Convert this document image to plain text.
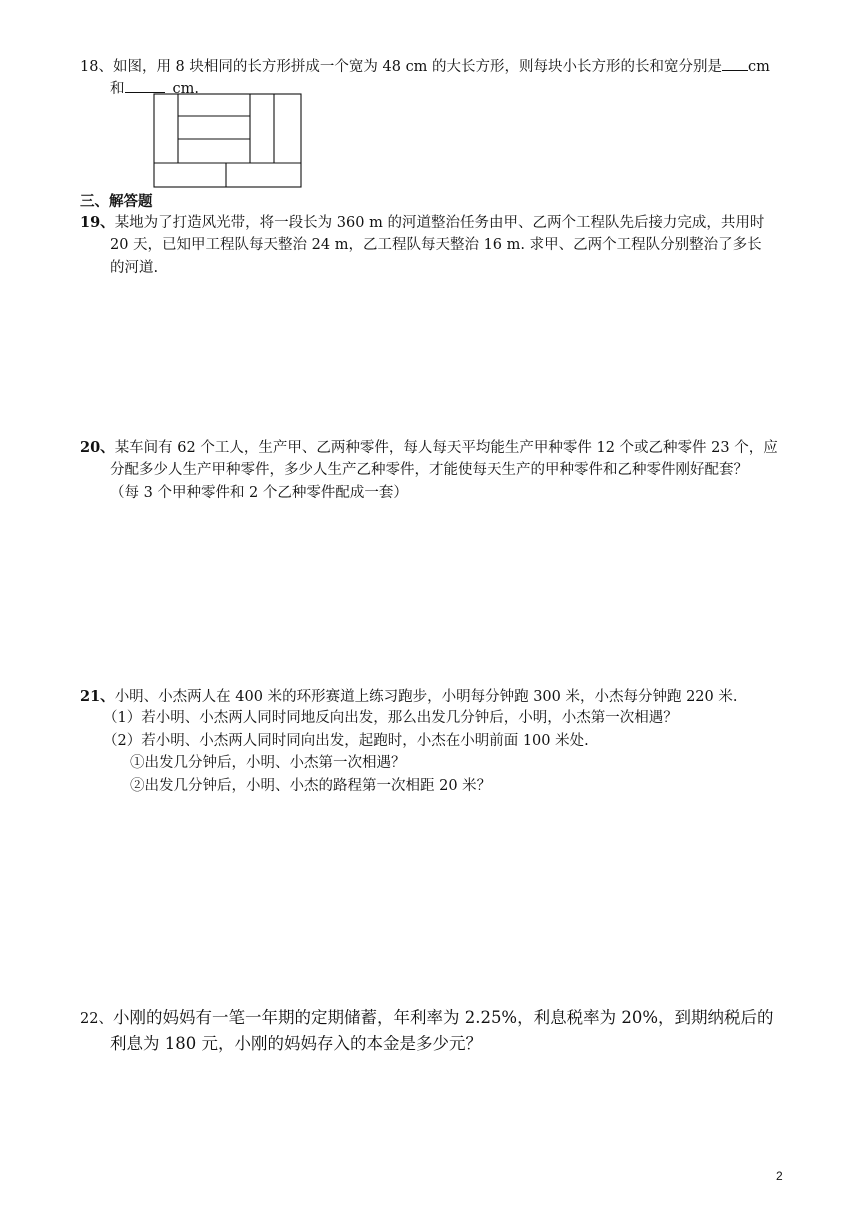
18、如图，用 8 块相同的长方形拼成一个宽为 48 cm 的大长方形，则每块小长方形的长和宽分别是 cm
和	cm.
三、解答题
19、某地为了打造风光带，将一段长为 360 m 的河道整治任务由甲、乙两个工程队先后接力完成，共用时
20 天，已知甲工程队每天整治 24 m，乙工程队每天整治 16 m. 求甲、乙两个工程队分别整治了多长
的河道.
20、某车间有 62 个工人，生产甲、乙两种零件，每人每天平均能生产甲种零件 12 个或乙种零件 23 个，应
分配多少人生产甲种零件，多少人生产乙种零件，才能使每天生产的甲种零件和乙种零件刚好配套？
（每 3 个甲种零件和 2 个乙种零件配成一套）
21、小明、小杰两人在 400 米的环形赛道上练习跑步，小明每分钟跑 300 米，小杰每分钟跑 220 米.
（1）若小明、小杰两人同时同地反向出发，那么出发几分钟后，小明，小杰第一次相遇？
（2）若小明、小杰两人同时同向出发，起跑时，小杰在小明前面 100 米处.
①出发几分钟后，小明、小杰第一次相遇？
②出发几分钟后，小明、小杰的路程第一次相距 20 米？
22、小刚的妈妈有一笔一年期的定期储蓄，年利率为 2.25%，利息税率为 20%，到期纳税后的
利息为 180 元，小刚的妈妈存入的本金是多少元？
2
